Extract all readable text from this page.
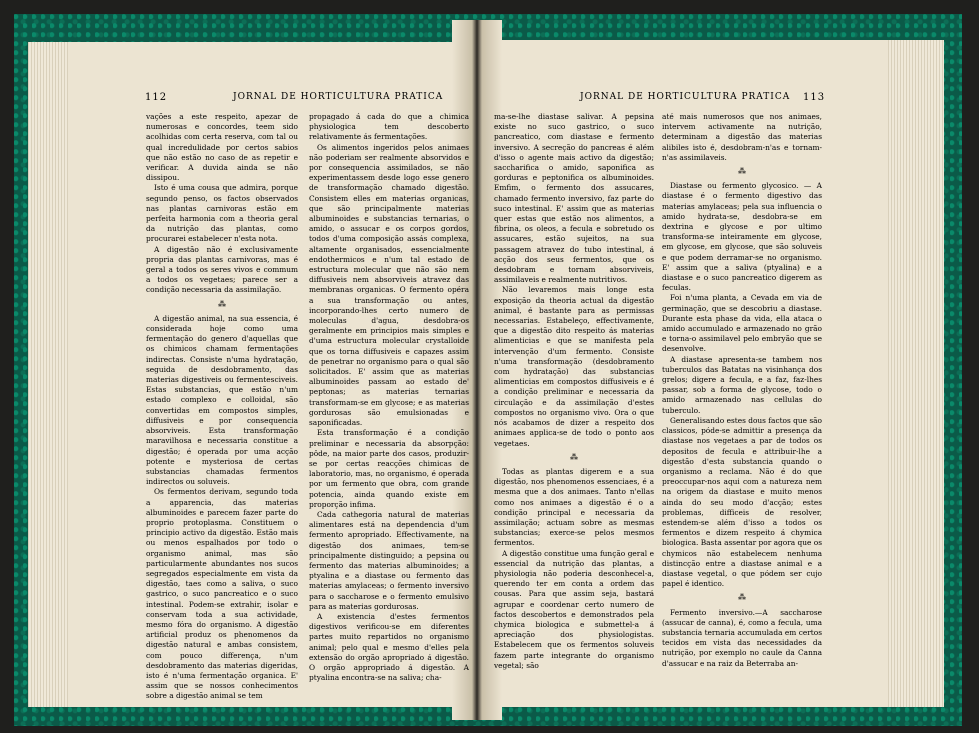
112	JORNAL DE HORTICULTURA PRATICA	JORNAL DE HORTICULTURA PRATICA 113

vações a este respeito, apezar de numerosas e concordes, teem sido acolhidas com certa reserva, com tal ou qual incredulidade por certos sabios que não estão no caso de as repetir e verificar. A duvida ainda se não dissipou.

Isto é uma cousa que admira, porque segundo penso, os factos observados nas plantas carnivoras estão em perfeita harmonia com a theoria geral da nutrição das plantas, como procurarei estabelecer n'esta nota.

A digestão não é exclusivamente propria das plantas carnivoras, mas é geral a todos os seres vivos e commum a todos os vegetaes; parece ser a condição necessaria da assimilação.

⁂

A digestão animal, na sua essencia, é considerada hoje como uma fermentação do genero d'aquellas que os chimicos chamam fermentações indirectas. Consiste n'uma hydratação, seguida de desdobramento, das materias digestiveis ou fermentesciveis. Estas substancias, que estão n'um estado complexo e colloidal, são convertidas em compostos simples, diffusiveis e por consequencia absorviveis. Esta transformação maravilhosa e necessaria constitue a digestão; é operada por uma acção potente e mysteriosa de certas substancias chamadas fermentos indirectos ou soluveis.

Os fermentos derivam, segundo toda a apparencia, das materias albuminoides e parecem fazer parte do proprio protoplasma. Constituem o principio activo da digestão. Estão mais ou menos espalhados por todo o organismo animal, mas são particularmente abundantes nos sucos segregados especialmente em vista da digestão, taes como a saliva, o suco gastrico, o suco pancreatico e o suco intestinal. Podem-se extrahir, isolar e conservam toda a sua actividade, mesmo fóra do organismo. A digestão artificial produz os phenomenos da digestão natural e ambas consistem, com pouco differença, n'um desdobramento das materias digeridas, isto é n'uma fermentação organica. E' assim que se nossos conhecimentos sobre a digestão animal se tem

propagado á cada do que a chimica physiologica tem descoberto relativamente ás fermentações.

Os alimentos ingeridos pelos animaes não poderiam ser realmente absorvidos e por consequencia assimilados, se não experimentassem desde logo esse genero de transformação chamado digestão. Consistem elles em materias organicas, que são principalmente materias albuminoides e substancias ternarias, o amido, o assucar e os corpos gordos, todos d'uma composição assás complexa, altamente organisados, essencialmente endothermicos e n'um tal estado de estructura molecular que não são nem diffusiveis nem absorviveis atravez das membranas organicas. O fermento opéra a sua transformação ou antes, incorporando-lhes certo numero de moleculas d'agua, desdobra-os geralmente em principios mais simples e d'uma estructura molecular crystalloide que os torna diffusiveis e capazes assim de penetrar no organismo para o qual são solicitados. E' assim que as materias albuminoides passam ao estado de' peptonas; as materias ternarias transformam-se em glycose; e as materias gordurosas são emulsionadas e saponificadas.

Esta transformação é a condição preliminar e necessaria da absorpção: pôde, na maior parte dos casos, produzir-se por certas reacções chimicas de laboratorio, mas, no organismo, é operada por um fermento que obra, com grande potencia, ainda quando existe em proporção infima.

Cada cathegoria natural de materias alimentares está na dependencia d'um fermento apropriado. Effectivamente, na digestão dos animaes, tem-se principalmente distinguido; a pepsina ou fermento das materias albuminoides; a ptyalina e a diastase ou fermento das materias amylaceas; o fermento inversivo para o saccharose e o fermento emulsivo para as materias gordurosas.

A existencia d'estes fermentos digestivos verificou-se em diferentes partes muito repartidos no organismo animal; pelo qual e mesmo d'elles pela extensão do orgão apropriado á digestão. O orgão appropriado á digestão. A ptyalina encontra-se na saliva; cha-

ma-se-lhe diastase salivar. A pepsina existe no suco gastrico, o suco pancreatico, com diastase e fermento inversivo. A secreção do pancreas é além d'isso o agente mais activo da digestão; saccharifica o amido, saponifica as gorduras e peptonifica os albuminoides. Emfim, o fermento dos assucares, chamado fermento inversivo, faz parte do suco intestinal. E' assim que as materias quer estas que estão nos alimentos, a fibrina, os oleos, a fecula e sobretudo os assucares, estão sujeitos, na sua passagem atravez do tubo intestinal, á acção dos seus fermentos, que os desdobram e tornam absorviveis, assimilaveis e realmente nutritivos.

Não levaremos mais longe esta exposição da theoria actual da digestão animal, é bastante para as permissas necessarias. Estabeleço, effectivamente, que a digestão dito respeito ás materias alimenticias e que se manifesta pela intervenção d'um fermento. Consiste n'uma transformação (desdobramento com hydratação) das substancias alimenticias em compostos diffusiveis e é a condição preliminar e necessaria da circulação e da assimilação d'estes compostos no organismo vivo. Ora o que nós acabamos de dizer a respeito dos animaes applica-se de todo o ponto aos vegetaes.

⁂

Todas as plantas digerem e a sua digestão, nos phenomenos essenciaes, é a mesma que a dos animaes. Tanto n'ellas como nos animaes a digestão é o a condição principal e necessaria da assimilação; actuam sobre as mesmas substancias; exerce-se pelos mesmos fermentos.

A digestão constitue uma função geral e essencial da nutrição das plantas, a physiologia não poderia desconhecel-a, querendo ter em conta a ordem das cousas. Para que assim seja, bastará agrupar e coordenar certo numero de factos descobertos e demonstrados pela chymica biologica e submettel-a á apreciação dos physiologistas. Estabelecem que os fermentos soluveis fazem parte integrante do organismo vegetal; são

até mais numerosos que nos animaes, intervem activamente na nutrição, determinam a digestão das materias alibiles isto é, desdobram-n'as e tornam-n'as assimilaveis.

⁂

Diastase ou fermento glycosico. — A diastase é o fermento digestivo das materias amylaceas; pela sua influencia o amido hydrata-se, desdobra-se em dextrina e glycose e por ultimo transforma-se inteiramente em glycose, em glycose, em glycose, que são soluveis e que podem derramar-se no organismo. E' assim que a saliva (ptyalina) e a diastase e o suco pancreatico digerem as feculas.

Foi n'uma planta, a Cevada em via de germinação, que se descobriu a diastase. Durante esta phase da vida, ella ataca o amido accumulado e armazenado no grão e torna-o assimilavel pelo embryão que se desenvolve.

A diastase apresenta-se tambem nos tuberculos das Batatas na visinhança dos grelos; digere a fecula, e a faz, faz-lhes passar, sob a forma de glycose, todo o amido armazenado nas cellulas do tuberculo.

Generalisando estes dous factos que são classicos, póde-se admittir a presença da diastase nos vegetaes a par de todos os depositos de fecula e attribuir-lhe a digestão d'esta substancia quando o organismo a reclama. Não é do que preoccupar-nos aqui com a natureza nem na origem da diastase e muito menos ainda do seu modo d'acção; estes problemas, difficeis de resolver, estendem-se além d'isso a todos os fermentos e dizem respeito á chymica biologica. Basta assentar por agora que os chymicos não estabelecem nenhuma distincção entre a diastase animal e a diastase vegetal, o que pódem ser cujo papel é identico.

⁂

Fermento inversivo.—A saccharose (assucar de canna), é, como a fecula, uma substancia ternaria accumulada em certos tecidos em vista das necessidades da nutrição, por exemplo no caule da Canna d'assucar e na raiz da Beterraba an-
